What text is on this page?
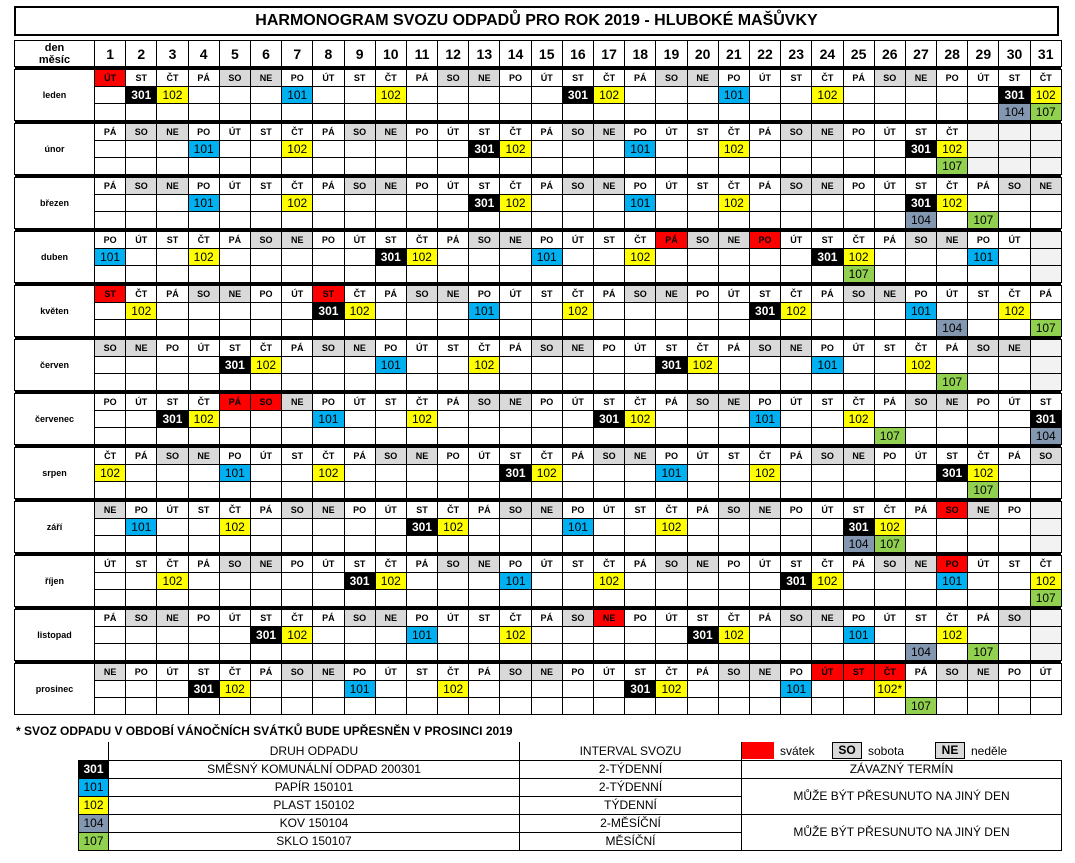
HARMONOGRAM SVOZU ODPADŮ PRO ROK 2019 - HLUBOKÉ MAŠŮVKY
den
měsíc	1	2	3	4	5	6	7	8	9	10	11	12	13	14	15	16	17	18	19	20	21	22	23	24	25	26	27	28	29	30	31

leden	ÚT	ST	ČT	PÁ	SO	NE	PO	ÚT	ST	ČT	PÁ	SO	NE	PO	ÚT	ST	ČT	PÁ	SO	NE	PO	ÚT	ST	ČT	PÁ	SO	NE	PO	ÚT	ST	ČT
		301	102				101			102						301	102				101			102						301	102
																														104	107

únor	PÁ	SO	NE	PO	ÚT	ST	ČT	PÁ	SO	NE	PO	ÚT	ST	ČT	PÁ	SO	NE	PO	ÚT	ST	ČT	PÁ	SO	NE	PO	ÚT	ST	ČT			
				101			102						301	102				101			102						301	102			
																												107			

březen	PÁ	SO	NE	PO	ÚT	ST	ČT	PÁ	SO	NE	PO	ÚT	ST	ČT	PÁ	SO	NE	PO	ÚT	ST	ČT	PÁ	SO	NE	PO	ÚT	ST	ČT	PÁ	SO	NE
				101			102						301	102				101			102						301	102			
																											104		107		

duben	PO	ÚT	ST	ČT	PÁ	SO	NE	PO	ÚT	ST	ČT	PÁ	SO	NE	PO	ÚT	ST	ČT	PÁ	SO	NE	PO	ÚT	ST	ČT	PÁ	SO	NE	PO	ÚT	
	101			102						301	102				101			102						301	102				101		
																									107						

květen	ST	ČT	PÁ	SO	NE	PO	ÚT	ST	ČT	PÁ	SO	NE	PO	ÚT	ST	ČT	PÁ	SO	NE	PO	ÚT	ST	ČT	PÁ	SO	NE	PO	ÚT	ST	ČT	PÁ
		102						301	102				101			102						301	102				101			102	
																												104			107

červen	SO	NE	PO	ÚT	ST	ČT	PÁ	SO	NE	PO	ÚT	ST	ČT	PÁ	SO	NE	PO	ÚT	ST	ČT	PÁ	SO	NE	PO	ÚT	ST	ČT	PÁ	SO	NE	
					301	102				101			102						301	102				101			102				
																												107			

červenec	PO	ÚT	ST	ČT	PÁ	SO	NE	PO	ÚT	ST	ČT	PÁ	SO	NE	PO	ÚT	ST	ČT	PÁ	SO	NE	PO	ÚT	ST	ČT	PÁ	SO	NE	PO	ÚT	ST
			301	102				101			102						301	102				101			102						301
																										107					104

srpen	ČT	PÁ	SO	NE	PO	ÚT	ST	ČT	PÁ	SO	NE	PO	ÚT	ST	ČT	PÁ	SO	NE	PO	ÚT	ST	ČT	PÁ	SO	NE	PO	ÚT	ST	ČT	PÁ	SO
	102				101			102						301	102				101			102						301	102		
																													107		

září	NE	PO	ÚT	ST	ČT	PÁ	SO	NE	PO	ÚT	ST	ČT	PÁ	SO	NE	PO	ÚT	ST	ČT	PÁ	SO	NE	PO	ÚT	ST	ČT	PÁ	SO	NE	PO	
		101			102						301	102				101			102						301	102					
																									104	107					

říjen	ÚT	ST	ČT	PÁ	SO	NE	PO	ÚT	ST	ČT	PÁ	SO	NE	PO	ÚT	ST	ČT	PÁ	SO	NE	PO	ÚT	ST	ČT	PÁ	SO	NE	PO	ÚT	ST	ČT
			102						301	102				101			102						301	102				101			102
																															107

listopad	PÁ	SO	NE	PO	ÚT	ST	ČT	PÁ	SO	NE	PO	ÚT	ST	ČT	PÁ	SO	NE	PO	ÚT	ST	ČT	PÁ	SO	NE	PO	ÚT	ST	ČT	PÁ	SO	
						301	102				101			102						301	102				101			102			
																											104		107		

prosinec	NE	PO	ÚT	ST	ČT	PÁ	SO	NE	PO	ÚT	ST	ČT	PÁ	SO	NE	PO	ÚT	ST	ČT	PÁ	SO	NE	PO	ÚT	ST	ČT	PÁ	SO	NE	PO	ÚT
				301	102				101			102						301	102				101			102*					
																											107				
* SVOZ ODPADU V OBDOBÍ VÁNOČNÍCH SVÁTKŮ BUDE UPŘESNĚN V PROSINCI 2019
svátek	SO	sobota	NE	neděle
	DRUH ODPADU	INTERVAL SVOZU	
301	SMĚSNÝ KOMUNÁLNÍ ODPAD 200301	2-TÝDENNÍ	ZÁVAZNÝ TERMÍN
101	PAPÍR 150101	2-TÝDENNÍ	MŮŽE BÝT PŘESUNUTO NA JINÝ DEN
102	PLAST 150102	TÝDENNÍ	
104	KOV 150104	2-MĚSÍČNÍ	MŮŽE BÝT PŘESUNUTO NA JINÝ DEN
107	SKLO 150107	MĚSÍČNÍ	
